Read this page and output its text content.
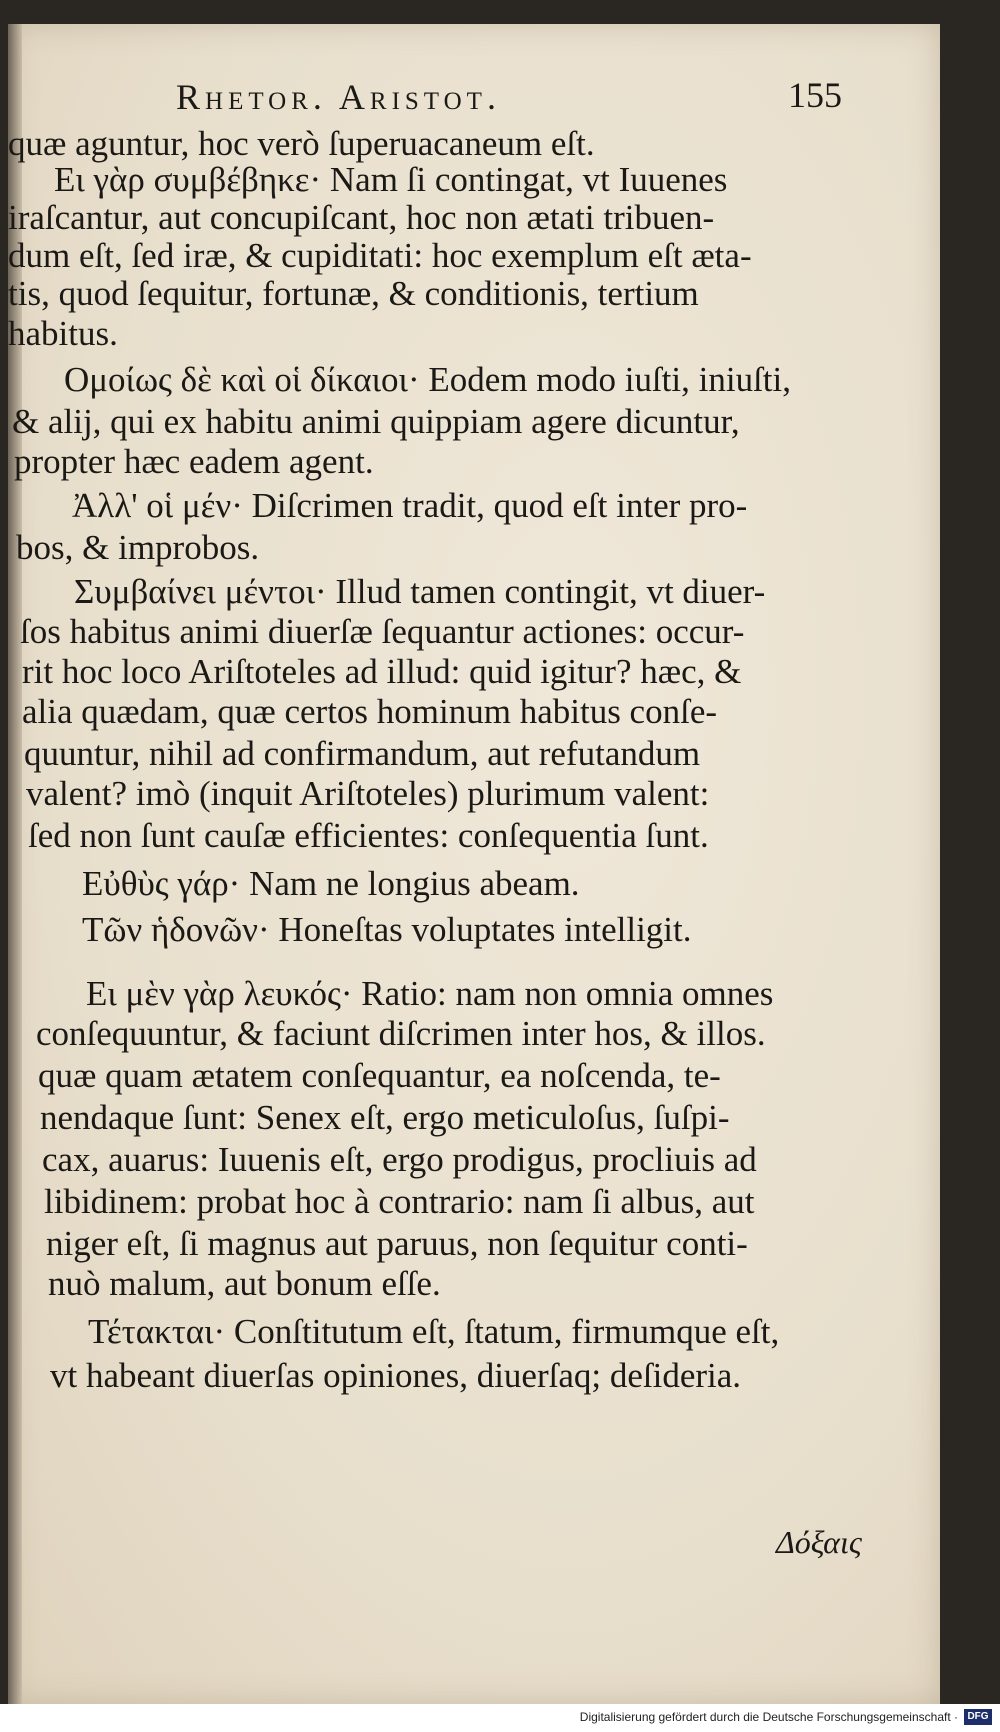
Rhetor. Aristot.	155
quæ aguntur, hoc verò ſuperuacaneum eſt.
Ει γὰρ συμβέβηκε· Nam ſi contingat, vt Iuuenes
iraſcantur, aut concupiſcant, hoc non ætati tribuen-
dum eſt, ſed iræ, & cupiditati: hoc exemplum eſt æta-
tis, quod ſequitur, fortunæ, & conditionis, tertium
habitus.
Ομοίως δὲ καὶ οἱ δίκαιοι· Eodem modo iuſti, iniuſti,
& alij, qui ex habitu animi quippiam agere dicuntur,
propter hæc eadem agent.
Ἀλλ' οἱ μέν· Diſcrimen tradit, quod eſt inter pro-
bos, & improbos.
Συμβαίνει μέντοι· Illud tamen contingit, vt diuer-
ſos habitus animi diuerſæ ſequantur actiones: occur-
rit hoc loco Ariſtoteles ad illud: quid igitur? hæc, &
alia quædam, quæ certos hominum habitus conſe-
quuntur, nihil ad confirmandum, aut refutandum
valent? imò (inquit Ariſtoteles) plurimum valent:
ſed non ſunt cauſæ efficientes: conſequentia ſunt.
Εὐθὺς γάρ· Nam ne longius abeam.
Τῶν ἡδονῶν· Honeſtas voluptates intelligit.
Ει μὲν γὰρ λευκός· Ratio: nam non omnia omnes
conſequuntur, & faciunt diſcrimen inter hos, & illos.
quæ quam ætatem conſequantur, ea noſcenda, te-
nendaque ſunt: Senex eſt, ergo meticuloſus, ſuſpi-
cax, auarus: Iuuenis eſt, ergo prodigus, procliuis ad
libidinem: probat hoc à contrario: nam ſi albus, aut
niger eſt, ſi magnus aut paruus, non ſequitur conti-
nuò malum, aut bonum eſſe.
Τέτακται· Conſtitutum eſt, ſtatum, firmumque eſt,
vt habeant diuerſas opiniones, diuerſaq; deſideria.
Δόξαις
Digitalisierung gefördert durch die Deutsche Forschungsgemeinschaft · DFG
